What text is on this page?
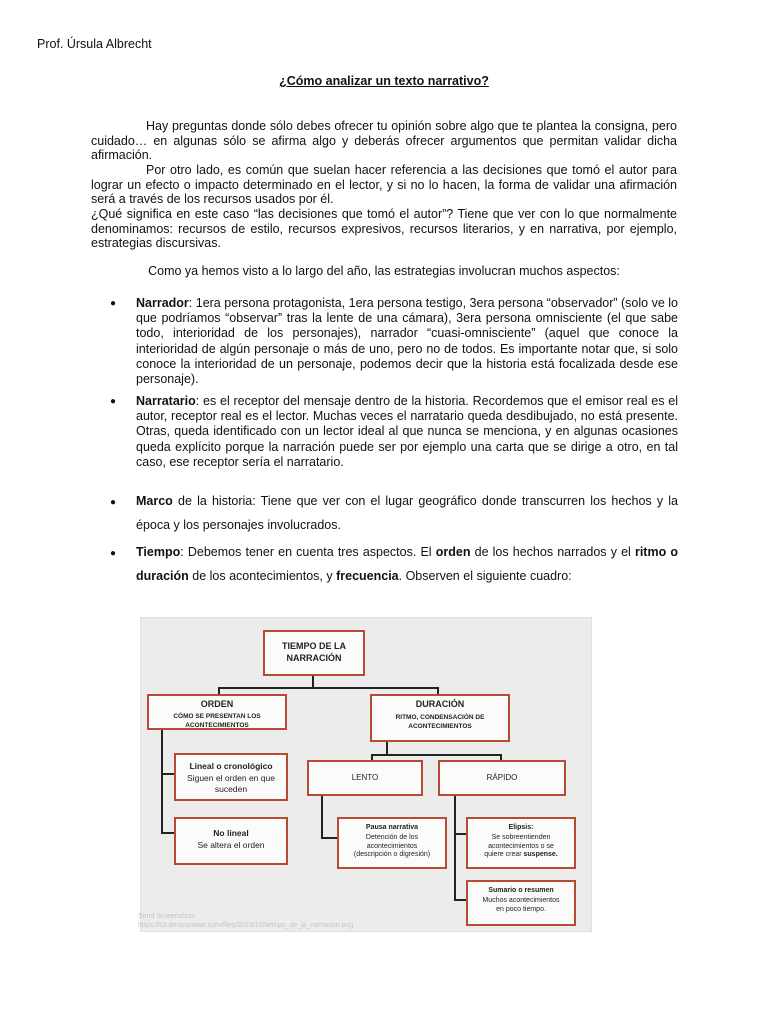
Prof. Úrsula Albrecht
¿Cómo analizar un texto narrativo?
Hay preguntas donde sólo debes ofrecer tu opinión sobre algo que te plantea la consigna, pero cuidado… en algunas sólo se afirma algo y deberás ofrecer argumentos que permitan validar dicha afirmación.
Por otro lado, es común que suelan hacer referencia a las decisiones que tomó el autor para lograr un efecto o impacto determinado en el lector, y si no lo hacen, la forma de validar una afirmación será a través de los recursos usados por él.
¿Qué significa en este caso “las decisiones que tomó el autor”? Tiene que ver con lo que normalmente denominamos: recursos de estilo, recursos expresivos, recursos literarios, y en narrativa, por ejemplo, estrategias discursivas.
Como ya hemos visto a lo largo del año, las estrategias involucran muchos aspectos:
●	Narrador: 1era persona protagonista, 1era persona testigo, 3era persona “observador” (solo ve lo que podríamos “observar” tras la lente de una cámara), 3era persona omnisciente (el que sabe todo, interioridad de los personajes), narrador “cuasi-omnisciente” (aquel que conoce la interioridad de algún personaje o más de uno, pero no de todos. Es importante notar que, si solo conoce la interioridad de un personaje, podemos decir que la historia está focalizada desde ese personaje).
●	Narratario: es el receptor del mensaje dentro de la historia. Recordemos que el emisor real es el autor, receptor real es el lector. Muchas veces el narratario queda desdibujado, no está presente. Otras, queda identificado con un lector ideal al que nunca se menciona, y en algunas ocasiones queda explícito porque la narración puede ser por ejemplo una carta que se dirige a otro, en tal caso, ese receptor sería el narratario.
●	Marco de la historia: Tiene que ver con el lugar geográfico donde transcurren los hechos y la época y los personajes involucrados.
●	Tiempo: Debemos tener en cuenta tres aspectos. El orden de los hechos narrados y el ritmo o duración de los acontecimientos, y frecuencia. Observen el siguiente cuadro:
TIEMPO DE LA
NARRACIÓN
ORDEN
CÓMO SE PRESENTAN LOS
ACONTECIMIENTOS
DURACIÓN
RITMO, CONDENSACIÓN DE
ACONTECIMIENTOS
Lineal o cronológico
Siguen el orden en que
suceden
No lineal
Se altera el orden
LENTO	RÁPIDO
Pausa narrativa
Detención de los
acontecimientos
(descripción o digresión)
Elipsis:
Se sobreentienden
acontecimientos o se
quiere crear suspense.
Sumario o resumen
Muchos acontecimientos
en poco tiempo.
Send Screenshots
https://s3.amazonaws.com/files/2019/10/tiempo_de_la_narracion.png
